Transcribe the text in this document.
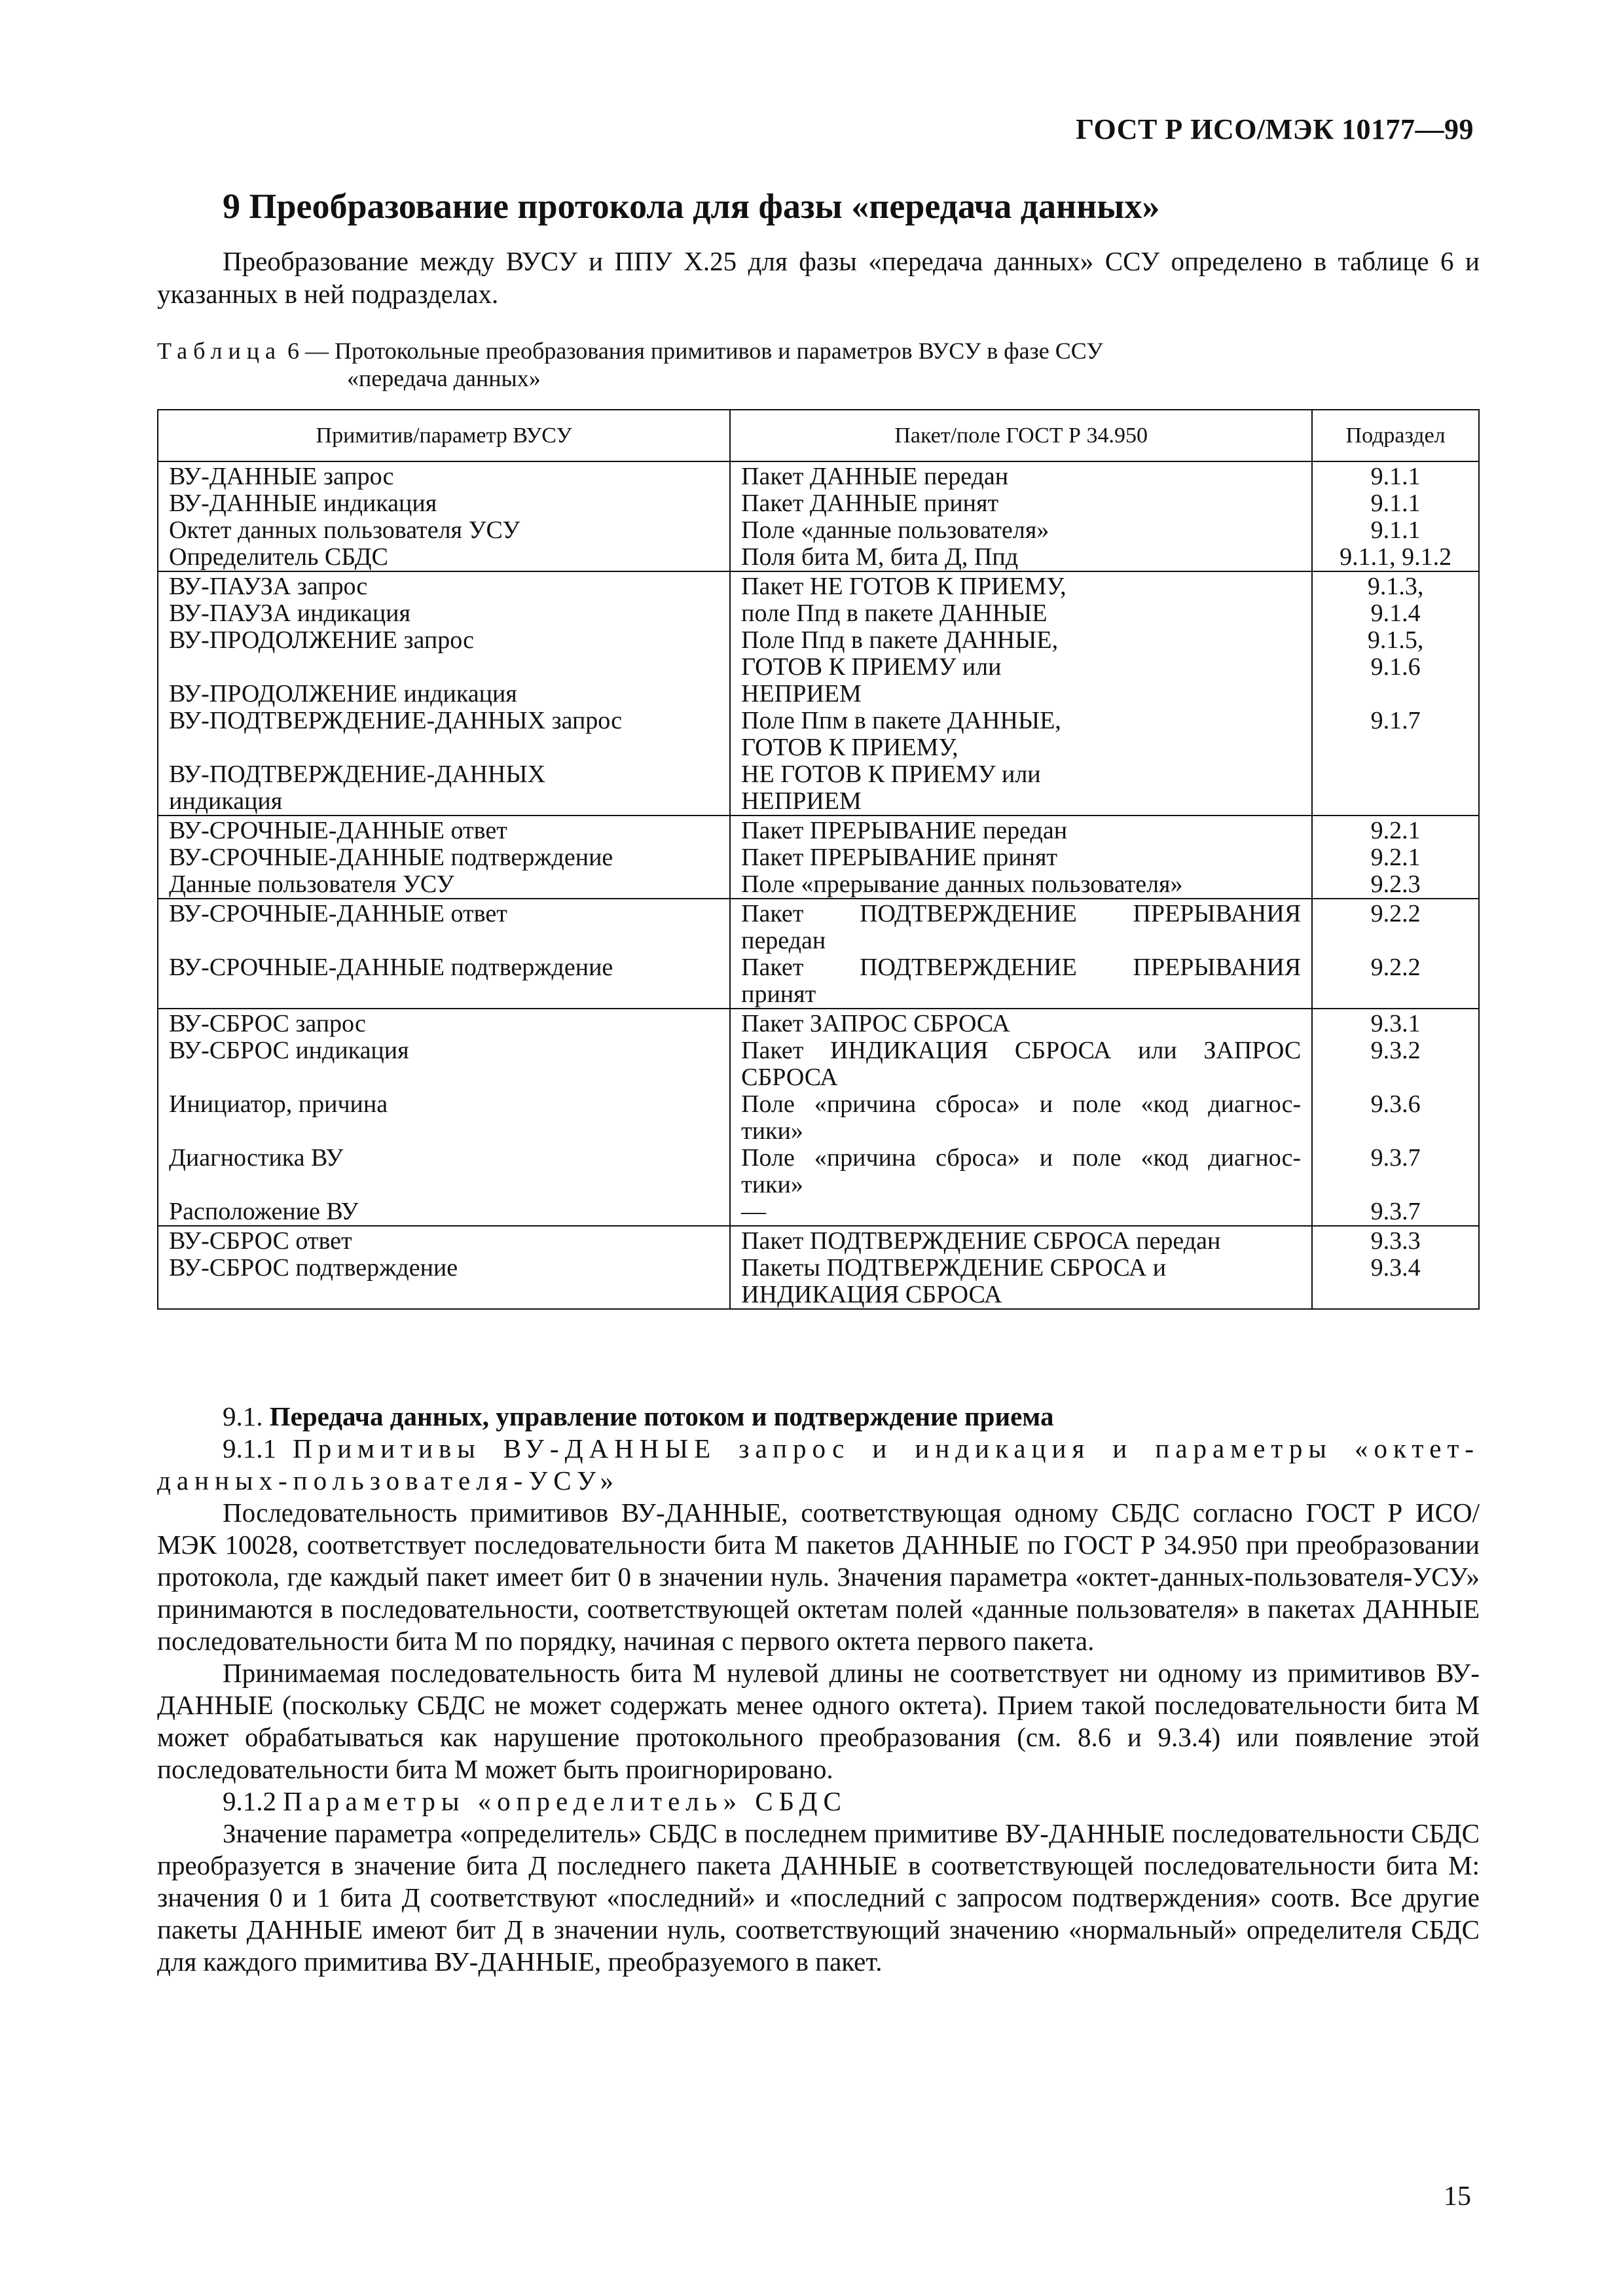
ГОСТ Р ИСО/МЭК 10177—99
9 Преобразование протокола для фазы «передача данных»
Преобразование между ВУСУ и ППУ Х.25 для фазы «передача данных» ССУ определено в таблице 6 и указанных в ней подразделах.
Таблица 6 — Протокольные преобразования примитивов и параметров ВУСУ в фазе ССУ
«передача данных»
Примитив/параметр ВУСУ	Пакет/поле ГОСТ Р 34.950	Подраздел
ВУ-ДАННЫЕ запрос	Пакет ДАННЫЕ передан	9.1.1
ВУ-ДАННЫЕ индикация	Пакет ДАННЫЕ принят	9.1.1
Октет данных пользователя УСУ	Поле «данные пользователя»	9.1.1
Определитель СБДС	Поля бита М, бита Д, Ппд	9.1.1, 9.1.2
ВУ-ПАУЗА запрос	Пакет НЕ ГОТОВ К ПРИЕМУ,	9.1.3,
ВУ-ПАУЗА индикация	поле Ппд в пакете ДАННЫЕ	9.1.4
ВУ-ПРОДОЛЖЕНИЕ запрос	Поле Ппд в пакете ДАННЫЕ,	9.1.5,
	ГОТОВ К ПРИЕМУ или	9.1.6
ВУ-ПРОДОЛЖЕНИЕ индикация	НЕПРИЕМ	
ВУ-ПОДТВЕРЖДЕНИЕ-ДАННЫХ запрос	Поле Ппм в пакете ДАННЫЕ,	9.1.7
	ГОТОВ К ПРИЕМУ,	
ВУ-ПОДТВЕРЖДЕНИЕ-ДАННЫХ	НЕ ГОТОВ К ПРИЕМУ или	
индикация	НЕПРИЕМ	
ВУ-СРОЧНЫЕ-ДАННЫЕ ответ	Пакет ПРЕРЫВАНИЕ передан	9.2.1
ВУ-СРОЧНЫЕ-ДАННЫЕ подтверждение	Пакет ПРЕРЫВАНИЕ принят	9.2.1
Данные пользователя УСУ	Поле «прерывание данных пользователя»	9.2.3
ВУ-СРОЧНЫЕ-ДАННЫЕ ответ	Пакет ПОДТВЕРЖДЕНИЕ ПРЕРЫВАНИЯ	9.2.2
	передан	
ВУ-СРОЧНЫЕ-ДАННЫЕ подтверждение	Пакет ПОДТВЕРЖДЕНИЕ ПРЕРЫВАНИЯ	9.2.2
	принят	
ВУ-СБРОС запрос	Пакет ЗАПРОС СБРОСА	9.3.1
ВУ-СБРОС индикация	Пакет ИНДИКАЦИЯ СБРОСА или ЗАПРОС	9.3.2
	СБРОСА	
Инициатор, причина	Поле «причина сброса» и поле «код диагнос-	9.3.6
	тики»	
Диагностика ВУ	Поле «причина сброса» и поле «код диагнос-	9.3.7
	тики»	
Расположение ВУ	—	9.3.7
ВУ-СБРОС ответ	Пакет ПОДТВЕРЖДЕНИЕ СБРОСА передан	9.3.3
ВУ-СБРОС подтверждение	Пакеты ПОДТВЕРЖДЕНИЕ СБРОСА и	9.3.4
	ИНДИКАЦИЯ СБРОСА	

9.1. Передача данных, управление потоком и подтверждение приема

9.1.1 Примитивы ВУ-ДАННЫЕ запрос и индикация и параметры «октет-данных-пользователя-УСУ»

Последовательность примитивов ВУ-ДАННЫЕ, соответствующая одному СБДС согласно ГОСТ Р ИСО/МЭК 10028, соответствует последовательности бита М пакетов ДАННЫЕ по ГОСТ Р 34.950 при преобразовании протокола, где каждый пакет имеет бит 0 в значении нуль. Значения параметра «октет-данных-пользователя-УСУ» принимаются в последовательности, соответствующей октетам полей «данные пользователя» в пакетах ДАННЫЕ последовательности бита М по порядку, начиная с первого октета первого пакета.

Принимаемая последовательность бита М нулевой длины не соответствует ни одному из примитивов ВУ-ДАННЫЕ (поскольку СБДС не может содержать менее одного октета). Прием такой последовательности бита М может обрабатываться как нарушение протокольного преобразования (см. 8.6 и 9.3.4) или появление этой последовательности бита М может быть проигнорировано.

9.1.2 Параметры «определитель» СБДС

Значение параметра «определитель» СБДС в последнем примитиве ВУ-ДАННЫЕ последовательности СБДС преобразуется в значение бита Д последнего пакета ДАННЫЕ в соответствующей последовательности бита М: значения 0 и 1 бита Д соответствуют «последний» и «последний с запросом подтверждения» соотв. Все другие пакеты ДАННЫЕ имеют бит Д в значении нуль, соответствующий значению «нормальный» определителя СБДС для каждого примитива ВУ-ДАННЫЕ, преобразуемого в пакет.

15
